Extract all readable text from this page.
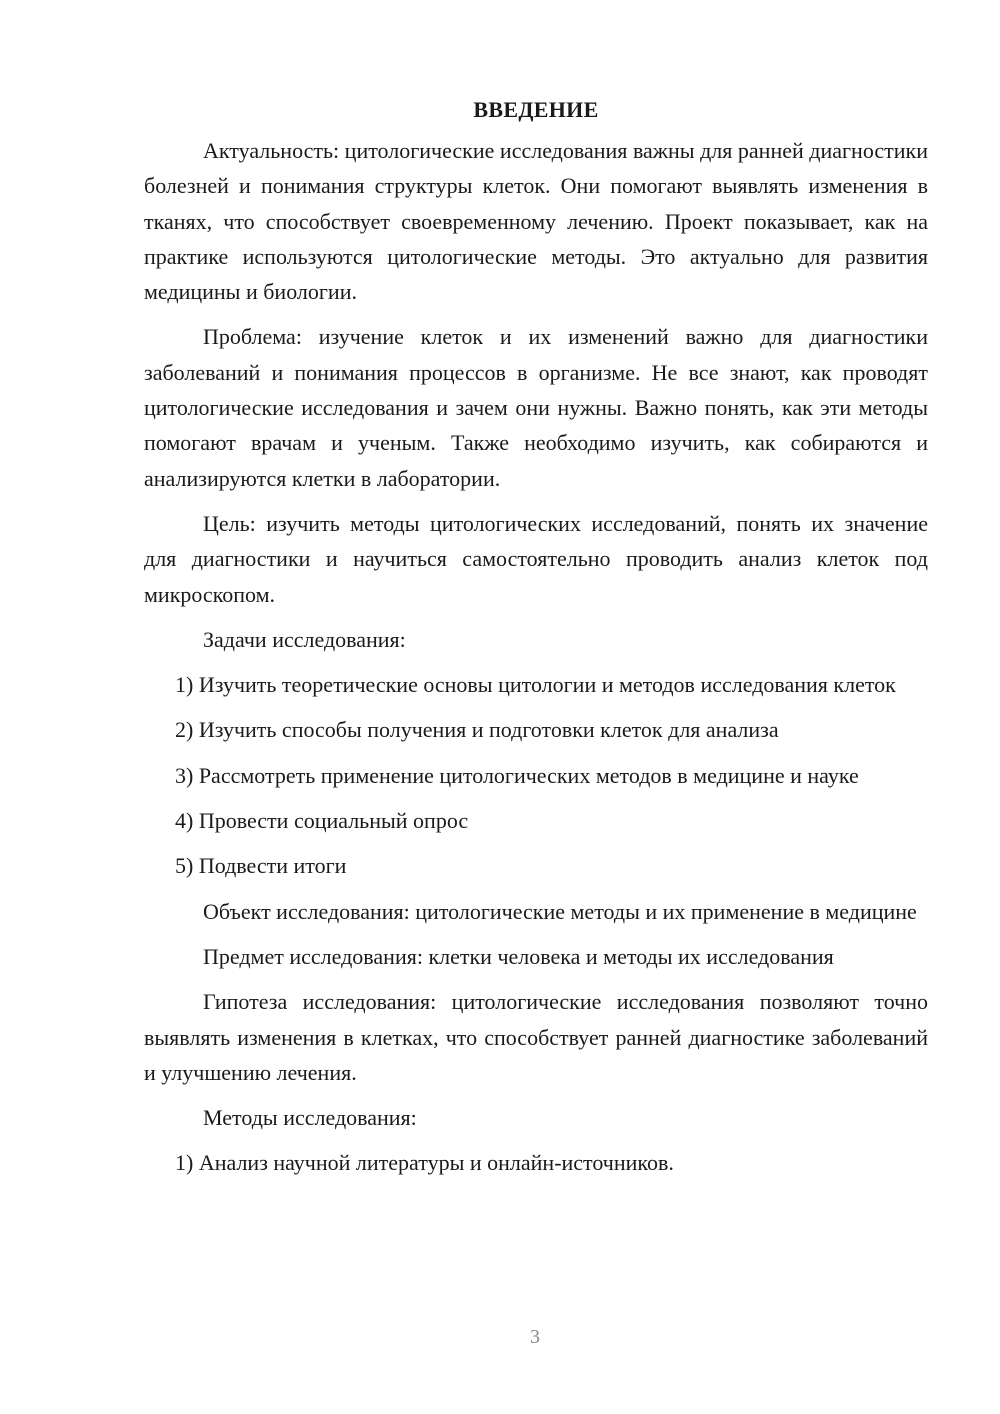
ВВЕДЕНИЕ

Актуальность: цитологические исследования важны для ранней диагностики болезней и понимания структуры клеток. Они помогают выявлять изменения в тканях, что способствует своевременному лечению. Проект показывает, как на практике используются цитологические методы. Это актуально для развития медицины и биологии.

Проблема: изучение клеток и их изменений важно для диагностики заболеваний и понимания процессов в организме. Не все знают, как проводят цитологические исследования и зачем они нужны. Важно понять, как эти методы помогают врачам и ученым. Также необходимо изучить, как собираются и анализируются клетки в лаборатории.

Цель: изучить методы цитологических исследований, понять их значение для диагностики и научиться самостоятельно проводить анализ клеток под микроскопом.

Задачи исследования:

1) Изучить теоретические основы цитологии и методов исследования клеток

2) Изучить способы получения и подготовки клеток для анализа

3) Рассмотреть применение цитологических методов в медицине и науке

4) Провести социальный опрос

5) Подвести итоги

Объект исследования: цитологические методы и их применение в медицине

Предмет исследования: клетки человека и методы их исследования

Гипотеза исследования: цитологические исследования позволяют точно выявлять изменения в клетках, что способствует ранней диагностике заболеваний и улучшению лечения.

Методы исследования:

1) Анализ научной литературы и онлайн-источников.

3
